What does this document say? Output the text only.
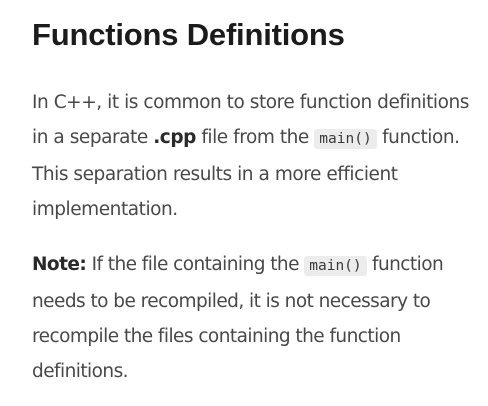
Functions Definitions

In C++, it is common to store function definitions in a separate .cpp file from the main() function. This separation results in a more efficient implementation.

Note: If the file containing the main() function needs to be recompiled, it is not necessary to recompile the files containing the function definitions.
